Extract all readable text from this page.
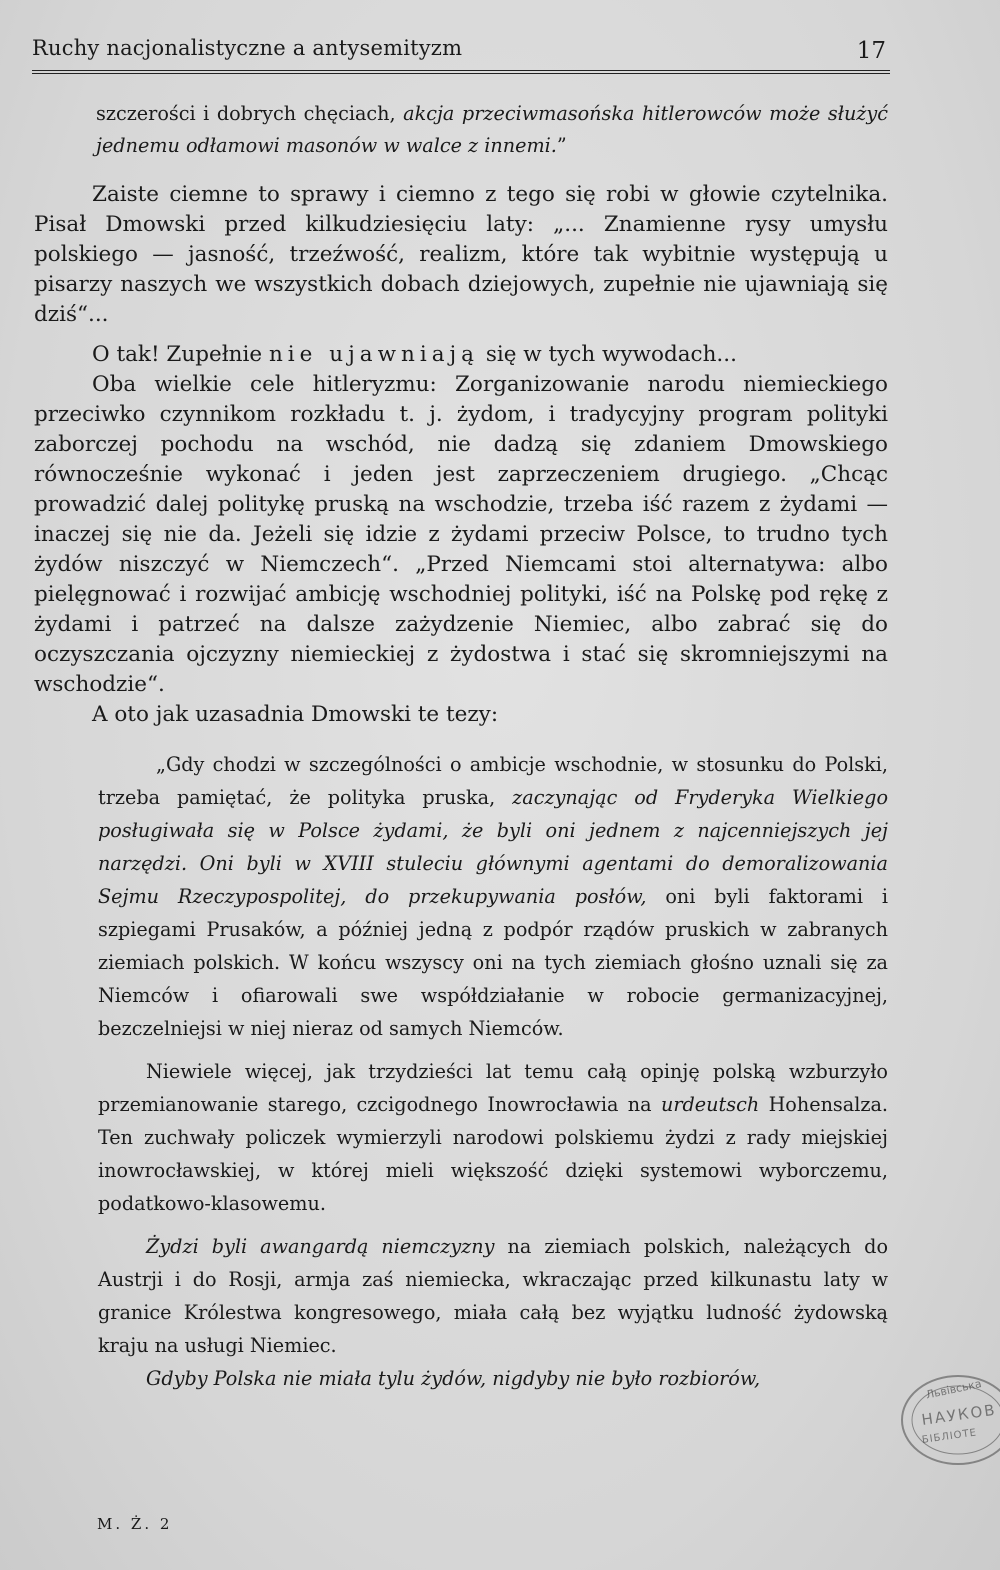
Ruchy nacjonalistyczne a antysemityzm	17

szczerości i dobrych chęciach, akcja przeciwmasońska hitlerowców może służyć jednemu odłamowi masonów w walce z innemi.”

Zaiste ciemne to sprawy i ciemno z tego się robi w głowie czytelnika. Pisał Dmowski przed kilkudziesięciu laty: „... Znamienne rysy umysłu polskiego — jasność, trzeźwość, realizm, które tak wybitnie występują u pisarzy naszych we wszystkich dobach dziejowych, zupełnie nie ujawniają się dziś“...

O tak! Zupełnie nie ujawniają się w tych wywodach...

Oba wielkie cele hitleryzmu: Zorganizowanie narodu niemieckiego przeciwko czynnikom rozkładu t. j. żydom, i tradycyjny program polityki zaborczej pochodu na wschód, nie dadzą się zdaniem Dmowskiego równocześnie wykonać i jeden jest zaprzeczeniem drugiego. „Chcąc prowadzić dalej politykę pruską na wschodzie, trzeba iść razem z żydami — inaczej się nie da. Jeżeli się idzie z żydami przeciw Polsce, to trudno tych żydów niszczyć w Niemczech“. „Przed Niemcami stoi alternatywa: albo pielęgnować i rozwijać ambicję wschodniej polityki, iść na Polskę pod rękę z żydami i patrzeć na dalsze zażydzenie Niemiec, albo zabrać się do oczyszczania ojczyzny niemieckiej z żydostwa i stać się skromniejszymi na wschodzie“.

A oto jak uzasadnia Dmowski te tezy:

„Gdy chodzi w szczególności o ambicje wschodnie, w stosunku do Polski, trzeba pamiętać, że polityka pruska, zaczynając od Fryderyka Wielkiego posługiwała się w Polsce żydami, że byli oni jednem z najcenniejszych jej narzędzi. Oni byli w XVIII stuleciu głównymi agentami do demoralizowania Sejmu Rzeczypospolitej, do przekupywania posłów, oni byli faktorami i szpiegami Prusaków, a później jedną z podpór rządów pruskich w zabranych ziemiach polskich. W końcu wszyscy oni na tych ziemiach głośno uznali się za Niemców i ofiarowali swe współdziałanie w robocie germanizacyjnej, bezczelniejsi w niej nieraz od samych Niemców.

Niewiele więcej, jak trzydzieści lat temu całą opinję polską wzburzyło przemianowanie starego, czcigodnego Inowrocławia na urdeutsch Hohensalza. Ten zuchwały policzek wymierzyli narodowi polskiemu żydzi z rady miejskiej inowrocławskiej, w której mieli większość dzięki systemowi wyborczemu, podatkowo-klasowemu.

Żydzi byli awangardą niemczyzny na ziemiach polskich, należących do Austrji i do Rosji, armja zaś niemiecka, wkraczając przed kilkunastu laty w granice Królestwa kongresowego, miała całą bez wyjątku ludność żydowską kraju na usługi Niemiec.

Gdyby Polska nie miała tylu żydów, nigdyby nie było rozbiorów,

M. Ż. 2
Львівська
НАУКОВ
БІБЛІОТЕ
